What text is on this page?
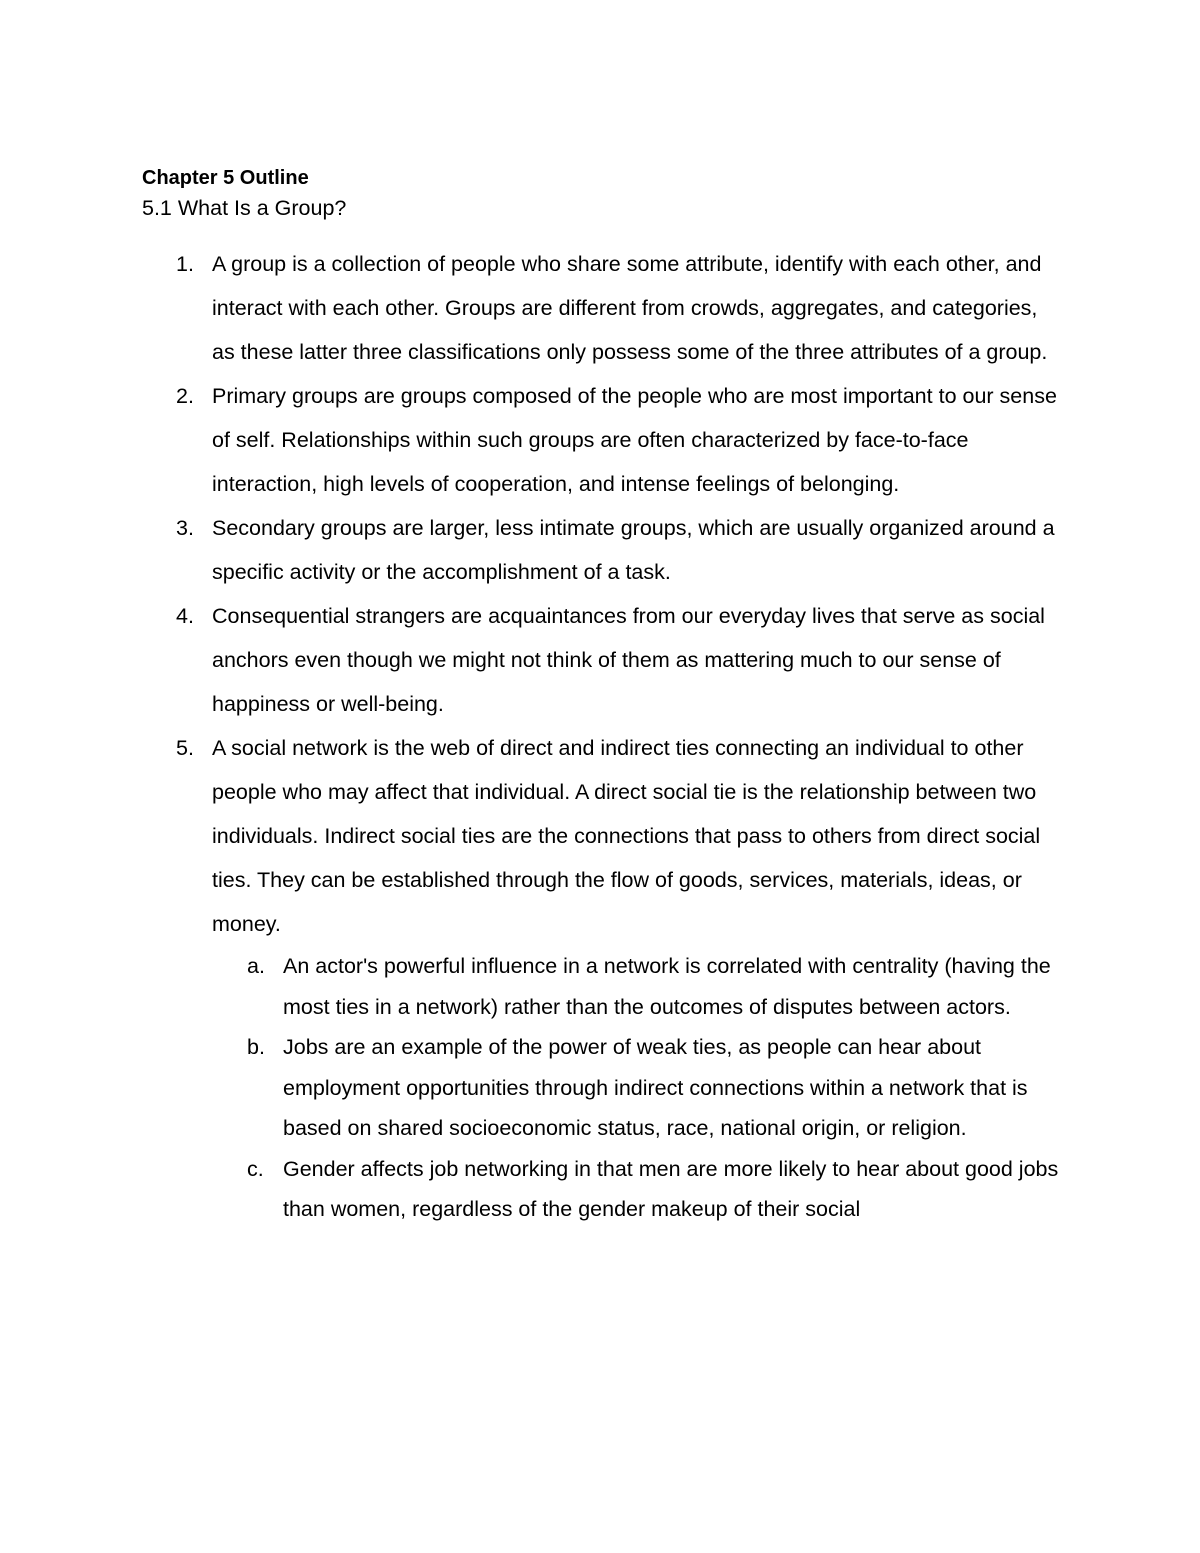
Chapter 5 Outline

5.1 What Is a Group?

1. A group is a collection of people who share some attribute, identify with each other, and interact with each other. Groups are different from crowds, aggregates, and categories, as these latter three classifications only possess some of the three attributes of a group.
2. Primary groups are groups composed of the people who are most important to our sense of self. Relationships within such groups are often characterized by face-to-face interaction, high levels of cooperation, and intense feelings of belonging.
3. Secondary groups are larger, less intimate groups, which are usually organized around a specific activity or the accomplishment of a task.
4. Consequential strangers are acquaintances from our everyday lives that serve as social anchors even though we might not think of them as mattering much to our sense of happiness or well-being.
5. A social network is the web of direct and indirect ties connecting an individual to other people who may affect that individual. A direct social tie is the relationship between two individuals. Indirect social ties are the connections that pass to others from direct social ties. They can be established through the flow of goods, services, materials, ideas, or money.
a. An actor's powerful influence in a network is correlated with centrality (having the most ties in a network) rather than the outcomes of disputes between actors.
b. Jobs are an example of the power of weak ties, as people can hear about employment opportunities through indirect connections within a network that is based on shared socioeconomic status, race, national origin, or religion.
c. Gender affects job networking in that men are more likely to hear about good jobs than women, regardless of the gender makeup of their social
